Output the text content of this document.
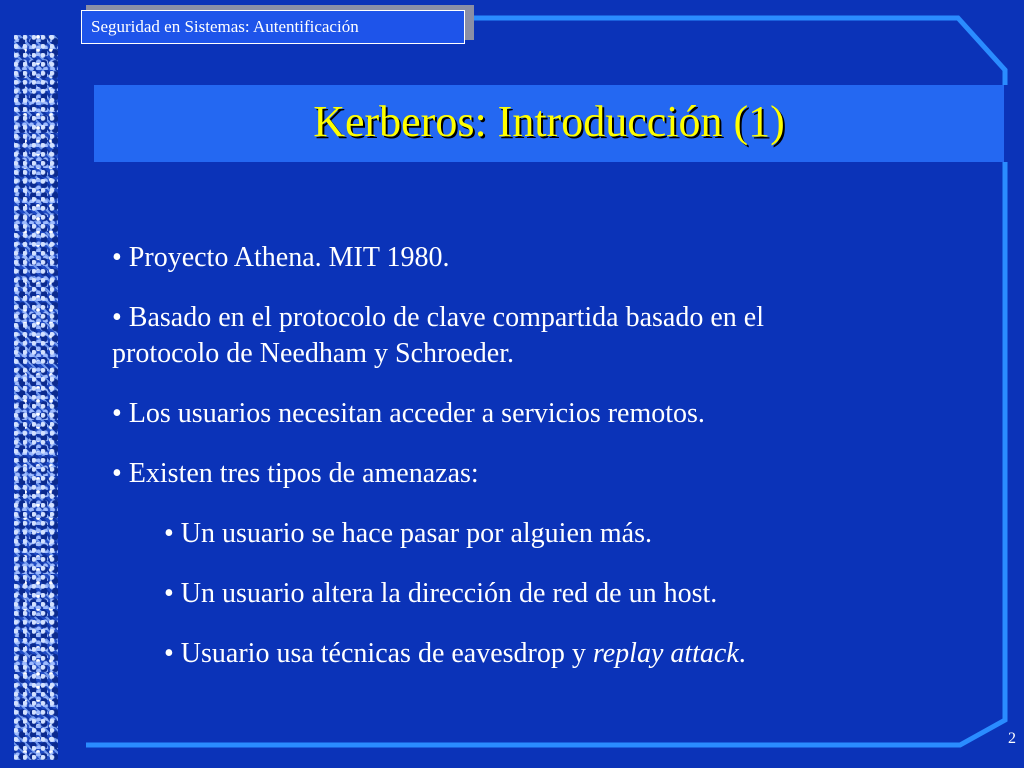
Seguridad en Sistemas: Autentificación
Kerberos: Introducción (1)
• Proyecto Athena. MIT 1980.
• Basado en el protocolo de clave compartida basado en el
protocolo de Needham y Schroeder.
• Los usuarios necesitan acceder a servicios remotos.
• Existen tres tipos de amenazas:
• Un usuario se hace pasar por alguien más.
• Un usuario altera la dirección de red de un host.
• Usuario usa técnicas de eavesdrop y replay attack.
2
